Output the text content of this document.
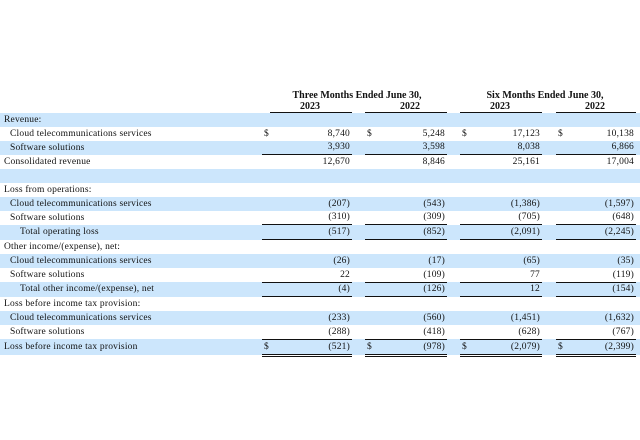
Three Months Ended June 30,	Six Months Ended June 30,
2023	2022	2023	2022
Revenue:												
Cloud telecommunications services	$	8,740		$	5,248		$	17,123		$	10,138	
Software solutions		3,930			3,598			8,038			6,866	
Consolidated revenue		12,670			8,846			25,161			17,004	

Loss from operations:												
Cloud telecommunications services		(207)			(543)			(1,386)			(1,597)	
Software solutions		(310)			(309)			(705)			(648)	
Total operating loss		(517)			(852)			(2,091)			(2,245)	
Other income/(expense), net:												
Cloud telecommunications services		(26)			(17)			(65)			(35)	
Software solutions		22			(109)			77			(119)	
Total other income/(expense), net		(4)			(126)			12			(154)	
Loss before income tax provision:												
Cloud telecommunications services		(233)			(560)			(1,451)			(1,632)	
Software solutions		(288)			(418)			(628)			(767)	
Loss before income tax provision	$	(521)		$	(978)		$	(2,079)		$	(2,399)	
